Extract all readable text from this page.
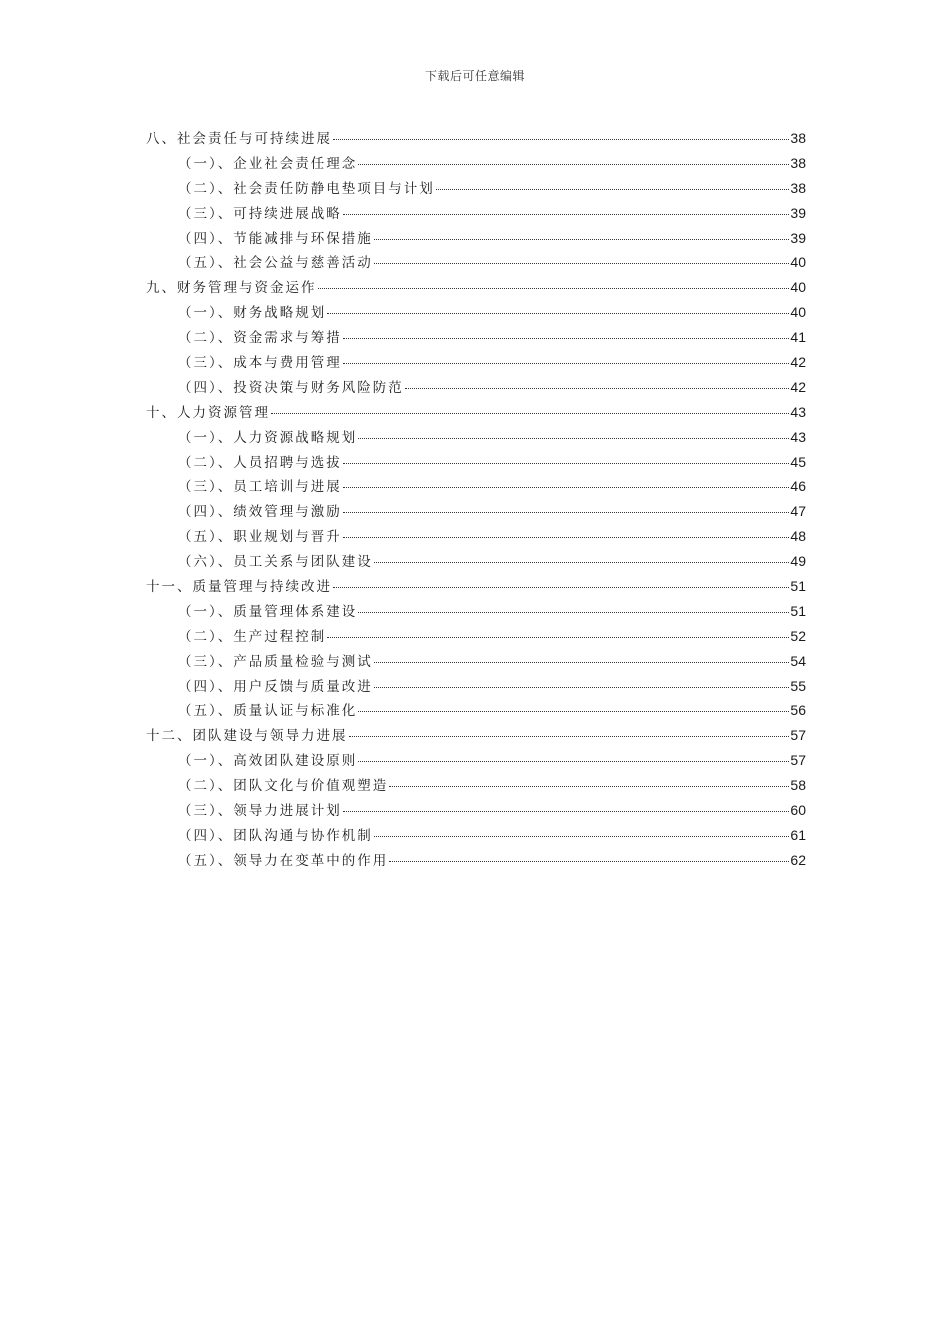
下载后可任意编辑
八、社会责任与可持续进展	38
（一）、企业社会责任理念	38
（二）、社会责任防静电垫项目与计划	38
（三）、可持续进展战略	39
（四）、节能减排与环保措施	39
（五）、社会公益与慈善活动	40
九、财务管理与资金运作	40
（一）、财务战略规划	40
（二）、资金需求与筹措	41
（三）、成本与费用管理	42
（四）、投资决策与财务风险防范	42
十、人力资源管理	43
（一）、人力资源战略规划	43
（二）、人员招聘与选拔	45
（三）、员工培训与进展	46
（四）、绩效管理与激励	47
（五）、职业规划与晋升	48
（六）、员工关系与团队建设	49
十一、质量管理与持续改进	51
（一）、质量管理体系建设	51
（二）、生产过程控制	52
（三）、产品质量检验与测试	54
（四）、用户反馈与质量改进	55
（五）、质量认证与标准化	56
十二、团队建设与领导力进展	57
（一）、高效团队建设原则	57
（二）、团队文化与价值观塑造	58
（三）、领导力进展计划	60
（四）、团队沟通与协作机制	61
（五）、领导力在变革中的作用	62
